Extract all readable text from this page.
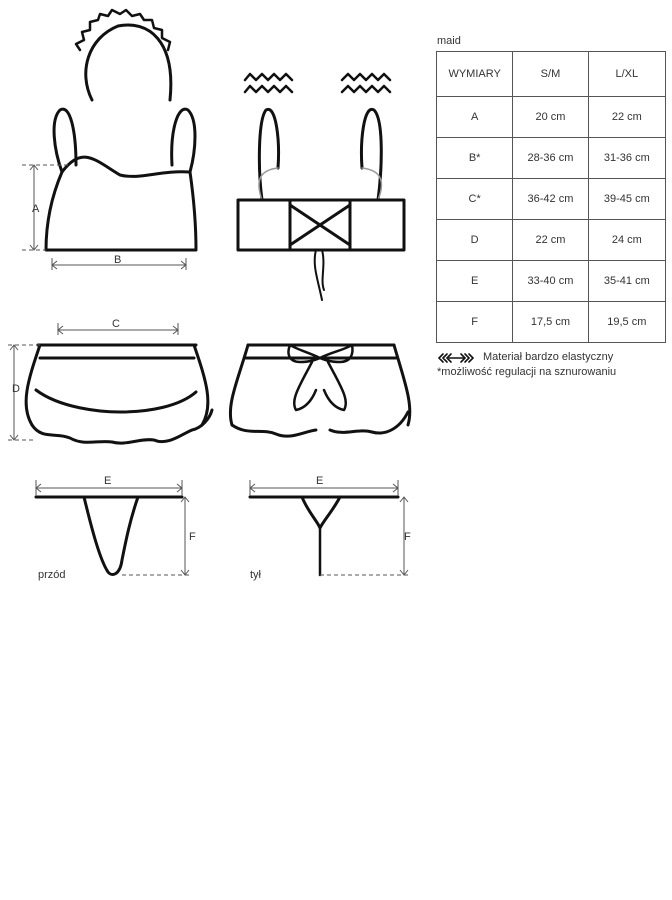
A
B
C
D
E
F
E
F
przód	tył
maid
WYMIARY	S/M	L/XL
A	20 cm	22 cm
B*	28-36 cm	31-36 cm
C*	36-42 cm	39-45 cm
D	22 cm	24 cm
E	33-40 cm	35-41 cm
F	17,5 cm	19,5 cm
Materiał bardzo elastyczny
*możliwość regulacji na sznurowaniu
